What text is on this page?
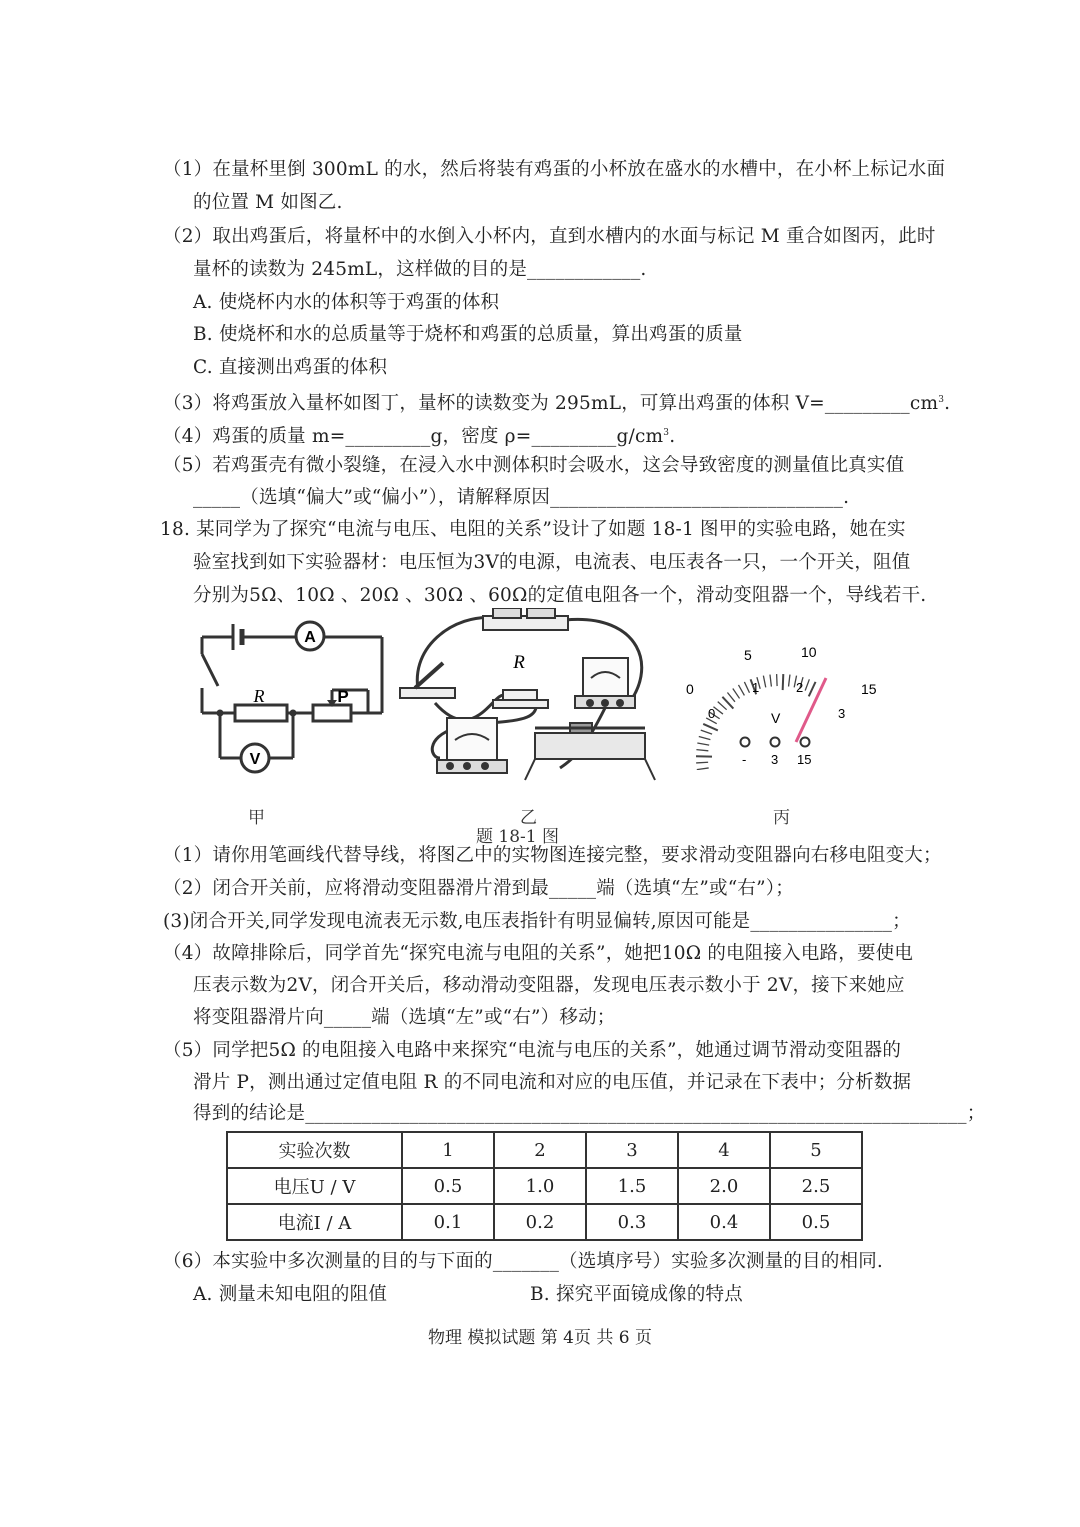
（1）在量杯里倒 300mL 的水，然后将装有鸡蛋的小杯放在盛水的水槽中，在小杯上标记水面
的位置 M 如图乙.
（2）取出鸡蛋后，将量杯中的水倒入小杯内，直到水槽内的水面与标记 M 重合如图丙，此时
量杯的读数为 245mL，这样做的目的是____________.
A. 使烧杯内水的体积等于鸡蛋的体积
B. 使烧杯和水的总质量等于烧杯和鸡蛋的总质量，算出鸡蛋的质量
C. 直接测出鸡蛋的体积
（3）将鸡蛋放入量杯如图丁，量杯的读数变为 295mL，可算出鸡蛋的体积 $V=\_\_\_\_\_\_\_\_\_cm^3$.
（4）鸡蛋的质量 m=_________g，密度 $\rho=\_\_\_\_\_\_\_\_\_g/cm^3$.
（5）若鸡蛋壳有微小裂缝，在浸入水中测体积时会吸水，这会导致密度的测量值比真实值
_____（选填“偏大”或“偏小”），请解释原因_______________________________.
18. 某同学为了探究“电流与电压、电阻的关系”设计了如题 18-1 图甲的实验电路，她在实
验室找到如下实验器材：电压恒为3V的电源，电流表、电压表各一只，一个开关，阻值
分别为5Ω、10Ω 、20Ω 、30Ω 、60Ω的定值电阻各一个，滑动变阻器一个，导线若干.
A
R	P
V
R
0
5	10
15
0
1	2
3
V
- 3 15
甲	乙	丙
题 18-1 图
（1）请你用笔画线代替导线，将图乙中的实物图连接完整，要求滑动变阻器向右移电阻变大；
（2）闭合开关前，应将滑动变阻器滑片滑到最_____端（选填“左”或“右”）；
(3)闭合开关,同学发现电流表无示数,电压表指针有明显偏转,原因可能是_______________；
（4）故障排除后，同学首先“探究电流与电阻的关系”，她把10Ω 的电阻接入电路，要使电
压表示数为2V，闭合开关后，移动滑动变阻器，发现电压表示数小于 2V，接下来她应
将变阻器滑片向_____端（选填“左”或“右”）移动；
（5）同学把5Ω 的电阻接入电路中来探究“电流与电压的关系”，她通过调节滑动变阻器的
滑片 P，测出通过定值电阻 R 的不同电流和对应的电压值，并记录在下表中；分析数据
得到的结论是______________________________________________________________________；
实验次数	1	2	3	4	5
电压U / V	0.5	1.0	1.5	2.0	2.5
电流I / A	0.1	0.2	0.3	0.4	0.5
（6）本实验中多次测量的目的与下面的_______（选填序号）实验多次测量的目的相同.
A. 测量未知电阻的阻值	B. 探究平面镜成像的特点
物理 模拟试题 第 4页 共 6 页
